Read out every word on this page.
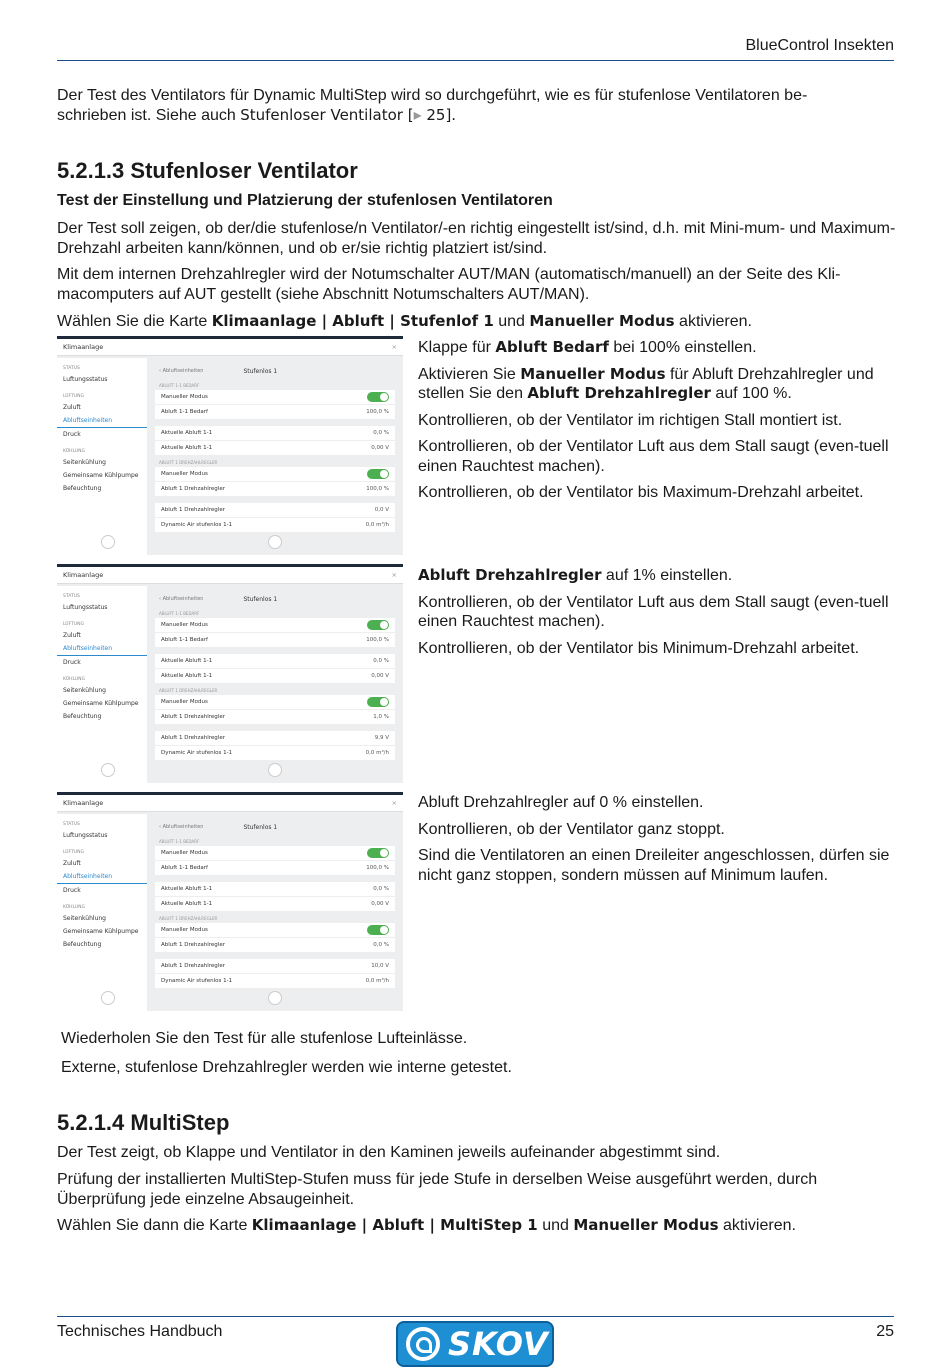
BlueControl Insekten

Der Test des Ventilators für Dynamic MultiStep wird so durchgeführt, wie es für stufenlose Ventilatoren be-
schrieben ist. Siehe auch Stufenloser Ventilator [▸ 25].

5.2.1.3 Stufenloser Ventilator
Test der Einstellung und Platzierung der stufenlosen Ventilatoren

Der Test soll zeigen, ob der/die stufenlose/n Ventilator/-en richtig eingestellt ist/sind, d.h. mit Mini-mum- und Maximum-Drehzahl arbeiten kann/können, und ob er/sie richtig platziert ist/sind.

Mit dem internen Drehzahlregler wird der Notumschalter AUT/MAN (automatisch/manuell) an der Seite des Kli-macomputers auf AUT gestellt (siehe Abschnitt Notumschalters AUT/MAN).

Wählen Sie die Karte Klimaanlage | Abluft | Stufenlof 1 und Manueller Modus aktivieren.

Klimaanlage	×
STATUS
Luftungsstatus
LÜFTUNG
Zuluft
Abluftseinheiten
Druck
KÜHLUNG
Seitenkühlung
Gemeinsame Kühlpumpe
Befeuchtung
‹ Abluftseinheiten	Stufenlos 1
ABLUFT 1-1 BEDARF
Manueller Modus
Abluft 1-1 Bedarf	100,0 %
Aktuelle Abluft 1-1	0,0 %
Aktuelle Abluft 1-1	0,00 V
ABLUFT 1 DREHZAHLREGLER
Manueller Modus
Abluft 1 Drehzahlregler	100,0 %
Abluft 1 Drehzahlregler	0,0 V
Dynamic Air stufenlos 1-1	0,0 m³/h
Klimaanlage	×
STATUS
Luftungsstatus
LÜFTUNG
Zuluft
Abluftseinheiten
Druck
KÜHLUNG
Seitenkühlung
Gemeinsame Kühlpumpe
Befeuchtung
‹ Abluftseinheiten	Stufenlos 1
ABLUFT 1-1 BEDARF
Manueller Modus
Abluft 1-1 Bedarf	100,0 %
Aktuelle Abluft 1-1	0,0 %
Aktuelle Abluft 1-1	0,00 V
ABLUFT 1 DREHZAHLREGLER
Manueller Modus
Abluft 1 Drehzahlregler	1,0 %
Abluft 1 Drehzahlregler	9,9 V
Dynamic Air stufenlos 1-1	0,0 m³/h
Klimaanlage	×
STATUS
Luftungsstatus
LÜFTUNG
Zuluft
Abluftseinheiten
Druck
KÜHLUNG
Seitenkühlung
Gemeinsame Kühlpumpe
Befeuchtung
‹ Abluftseinheiten	Stufenlos 1
ABLUFT 1-1 BEDARF
Manueller Modus
Abluft 1-1 Bedarf	100,0 %
Aktuelle Abluft 1-1	0,0 %
Aktuelle Abluft 1-1	0,00 V
ABLUFT 1 DREHZAHLREGLER
Manueller Modus
Abluft 1 Drehzahlregler	0,0 %
Abluft 1 Drehzahlregler	10,0 V
Dynamic Air stufenlos 1-1	0,0 m³/h

Klappe für Abluft Bedarf bei 100% einstellen.

Aktivieren Sie Manueller Modus für Abluft Drehzahlregler und stellen Sie den Abluft Drehzahlregler auf 100 %.

Kontrollieren, ob der Ventilator im richtigen Stall montiert ist.

Kontrollieren, ob der Ventilator Luft aus dem Stall saugt (even-tuell einen Rauchtest machen).

Kontrollieren, ob der Ventilator bis Maximum-Drehzahl arbeitet.

Abluft Drehzahlregler auf 1% einstellen.

Kontrollieren, ob der Ventilator Luft aus dem Stall saugt (even-tuell einen Rauchtest machen).

Kontrollieren, ob der Ventilator bis Minimum-Drehzahl arbeitet.

Abluft Drehzahlregler auf 0 % einstellen.

Kontrollieren, ob der Ventilator ganz stoppt.

Sind die Ventilatoren an einen Dreileiter angeschlossen, dürfen sie nicht ganz stoppen, sondern müssen auf Minimum laufen.

Wiederholen Sie den Test für alle stufenlose Lufteinlässe.

Externe, stufenlose Drehzahlregler werden wie interne getestet.

5.2.1.4 MultiStep

Der Test zeigt, ob Klappe und Ventilator in den Kaminen jeweils aufeinander abgestimmt sind.

Prüfung der installierten MultiStep-Stufen muss für jede Stufe in derselben Weise ausgeführt werden, durch Überprüfung jede einzelne Absaugeinheit.

Wählen Sie dann die Karte Klimaanlage | Abluft | MultiStep 1 und Manueller Modus aktivieren.

Technisches Handbuch	25
SKOV
